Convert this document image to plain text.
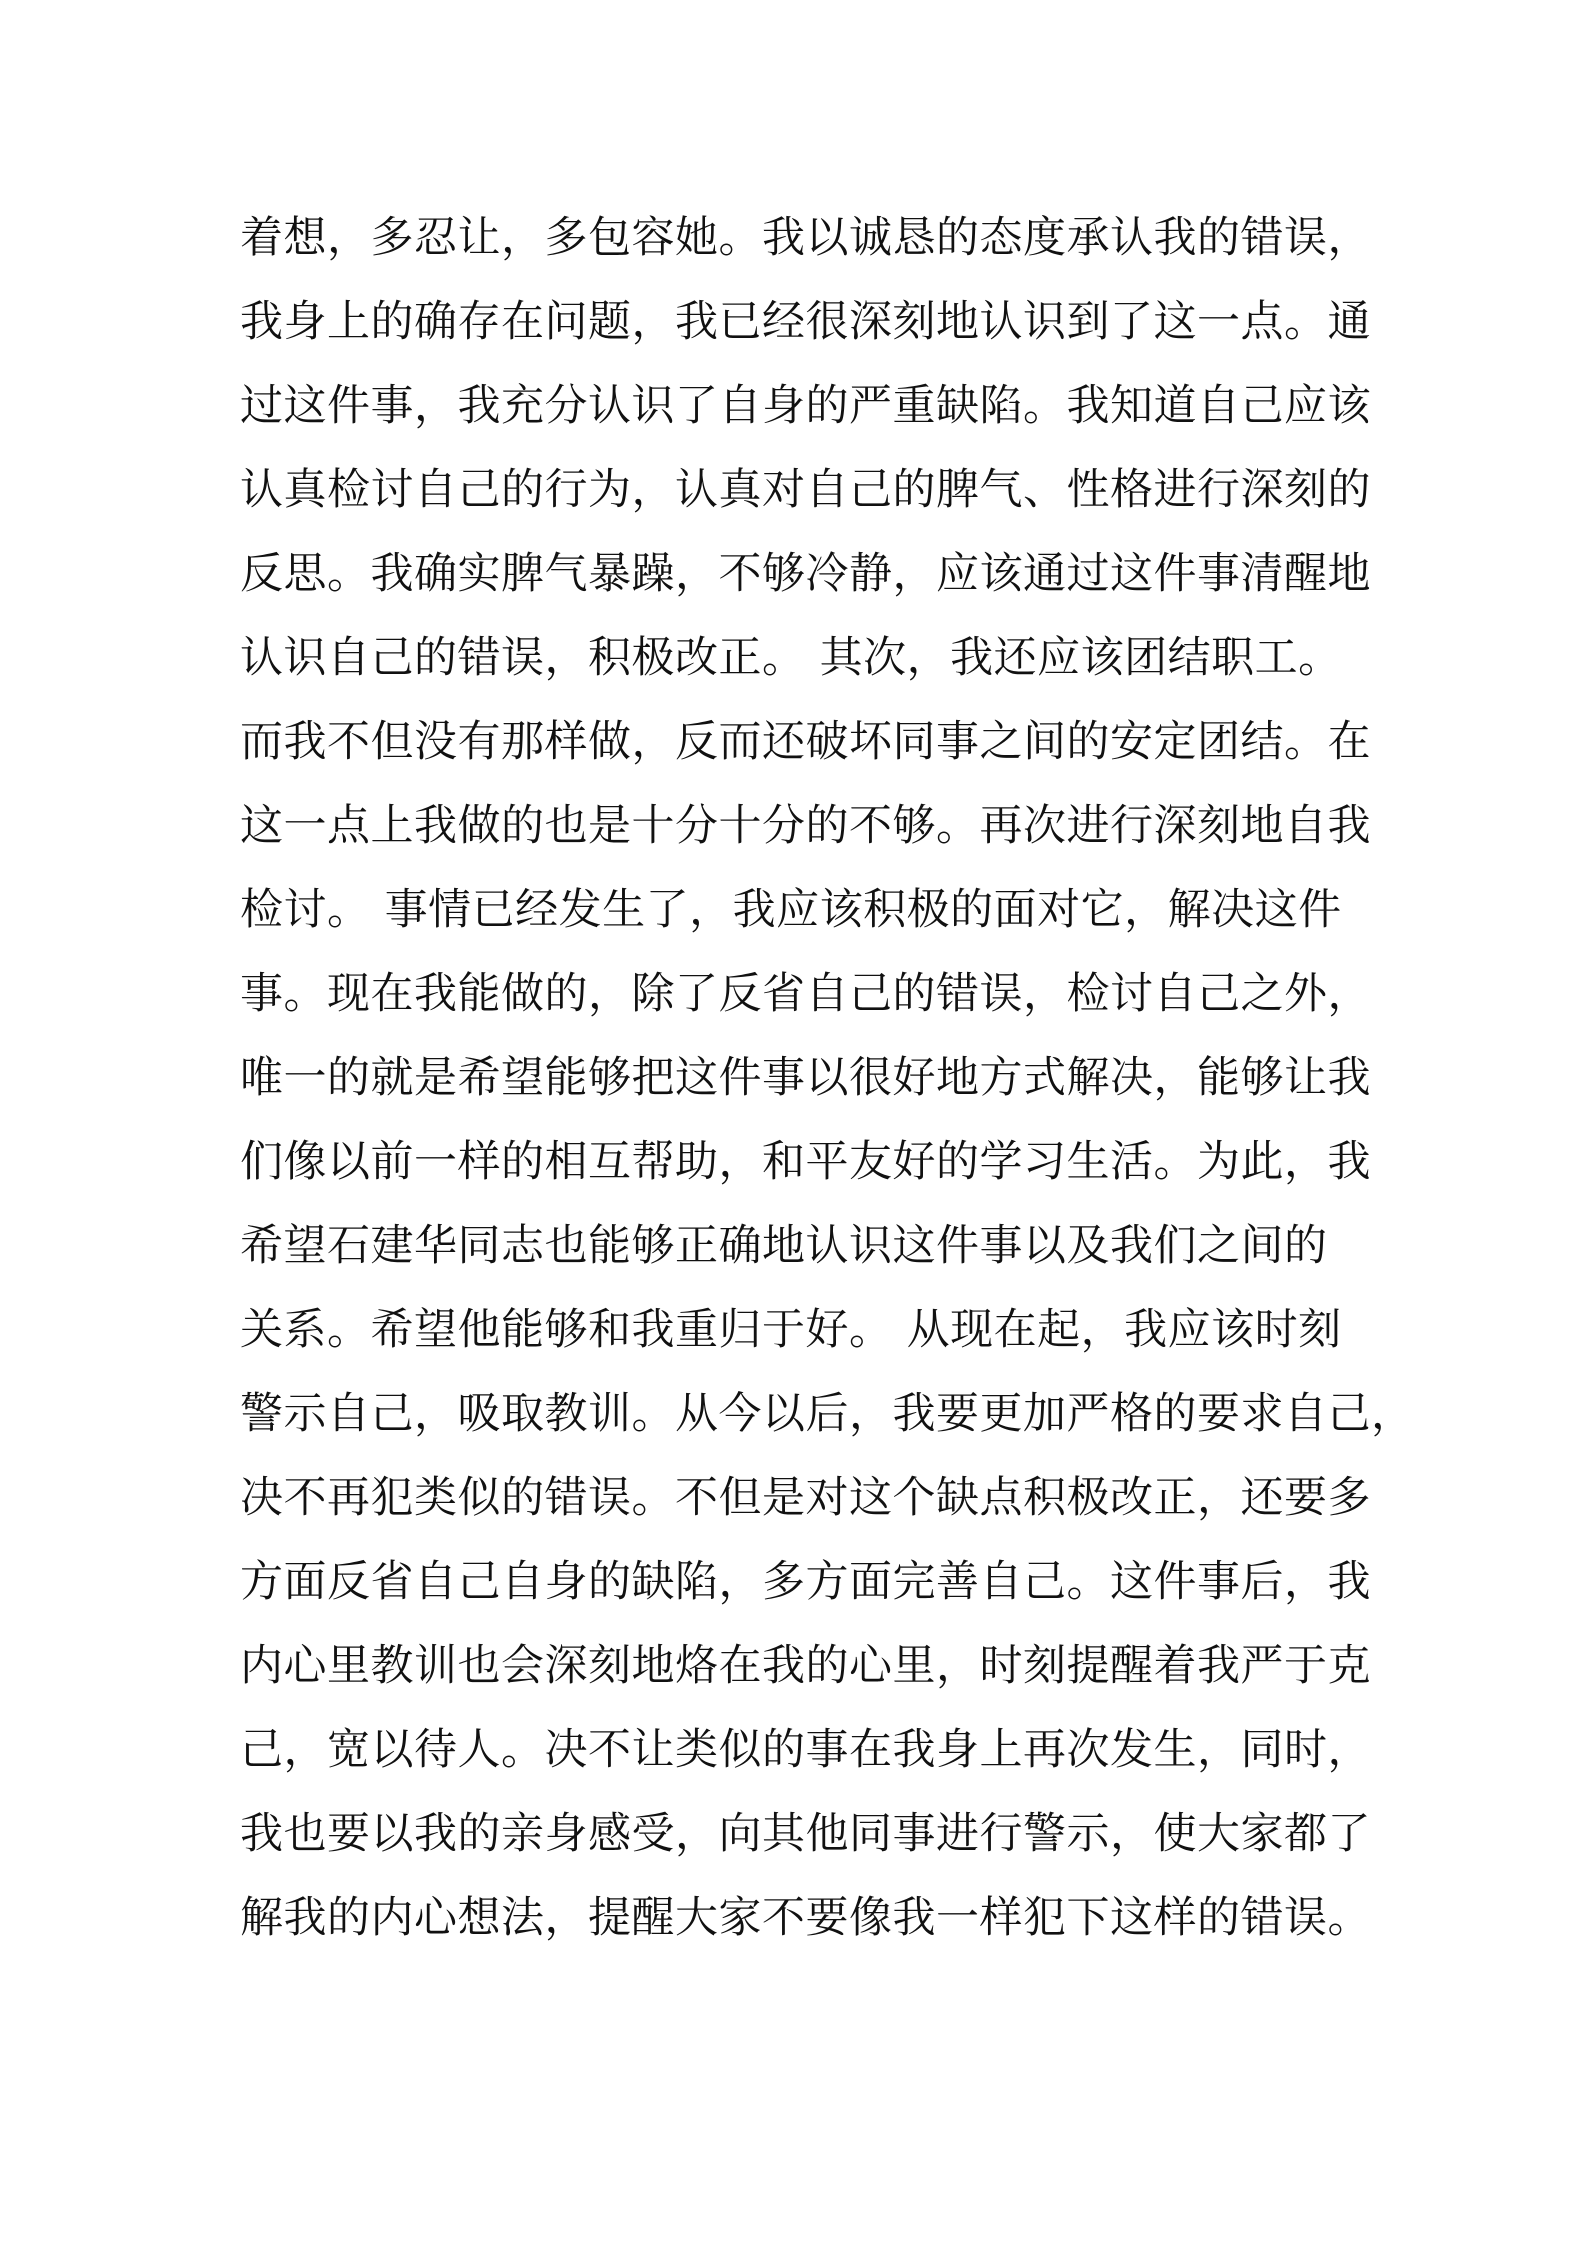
着想，多忍让，多包容她。我以诚恳的态度承认我的错误，
我身上的确存在问题，我已经很深刻地认识到了这一点。通
过这件事，我充分认识了自身的严重缺陷。我知道自己应该
认真检讨自己的行为，认真对自己的脾气、性格进行深刻的
反思。我确实脾气暴躁，不够冷静，应该通过这件事清醒地
认识自己的错误，积极改正。 其次，我还应该团结职工。
而我不但没有那样做，反而还破坏同事之间的安定团结。在
这一点上我做的也是十分十分的不够。再次进行深刻地自我
检讨。 事情已经发生了，我应该积极的面对它，解决这件
事。现在我能做的，除了反省自己的错误，检讨自己之外，
唯一的就是希望能够把这件事以很好地方式解决，能够让我
们像以前一样的相互帮助，和平友好的学习生活。为此，我
希望石建华同志也能够正确地认识这件事以及我们之间的
关系。希望他能够和我重归于好。 从现在起，我应该时刻
警示自己，吸取教训。从今以后，我要更加严格的要求自己，
决不再犯类似的错误。不但是对这个缺点积极改正，还要多
方面反省自己自身的缺陷，多方面完善自己。这件事后，我
内心里教训也会深刻地烙在我的心里，时刻提醒着我严于克
己，宽以待人。决不让类似的事在我身上再次发生，同时，
我也要以我的亲身感受，向其他同事进行警示，使大家都了
解我的内心想法，提醒大家不要像我一样犯下这样的错误。
